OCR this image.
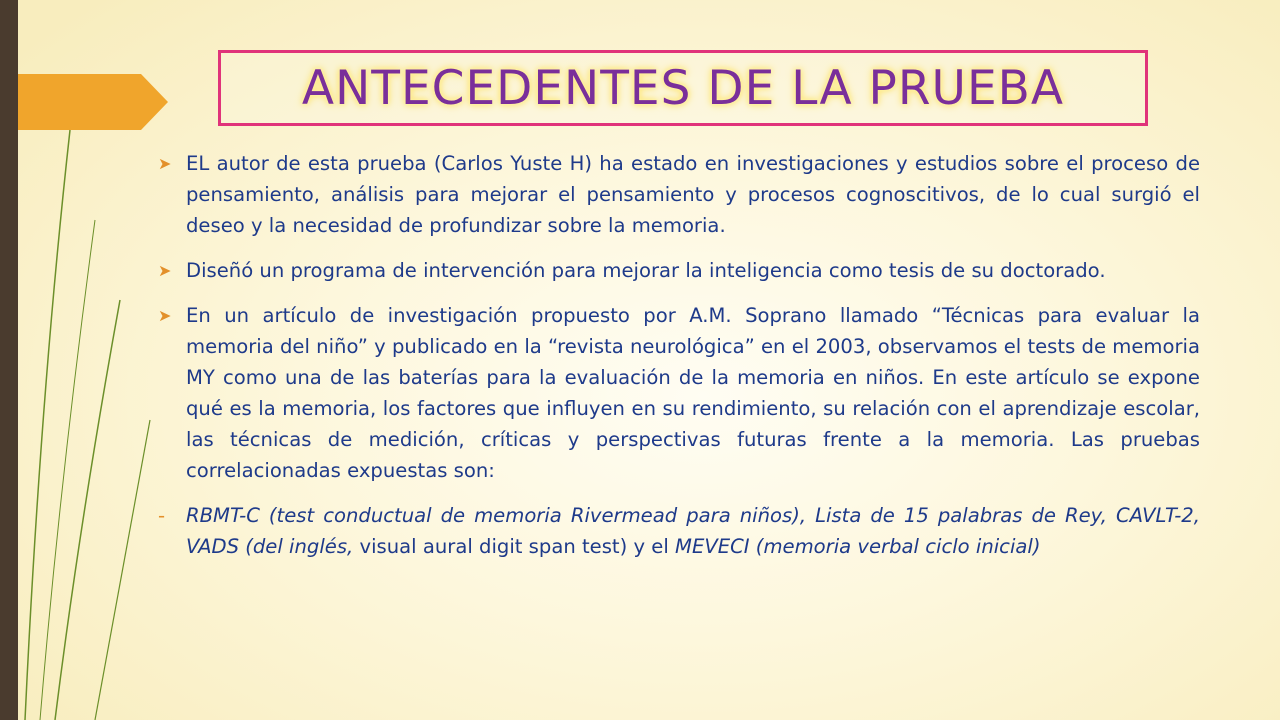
ANTECEDENTES DE LA PRUEBA
➤ EL autor de esta prueba (Carlos Yuste H) ha estado en investigaciones y estudios sobre el proceso de pensamiento, análisis para mejorar el pensamiento y procesos cognoscitivos, de lo cual surgió el deseo y la necesidad de profundizar sobre la memoria.
➤ Diseñó un programa de intervención para mejorar la inteligencia como tesis de su doctorado.
➤ En un artículo de investigación propuesto por A.M. Soprano llamado “Técnicas para evaluar la memoria del niño” y publicado en la “revista neurológica” en el 2003, observamos el tests de memoria MY como una de las baterías para la evaluación de la memoria en niños. En este artículo se expone qué es la memoria, los factores que influyen en su rendimiento, su relación con el aprendizaje escolar, las técnicas de medición, críticas y perspectivas futuras frente a la memoria. Las pruebas correlacionadas expuestas son:
-	RBMT-C (test conductual de memoria Rivermead para niños), Lista de 15 palabras de Rey, CAVLT-2, VADS (del inglés, visual aural digit span test) y el MEVECI (memoria verbal ciclo inicial)
